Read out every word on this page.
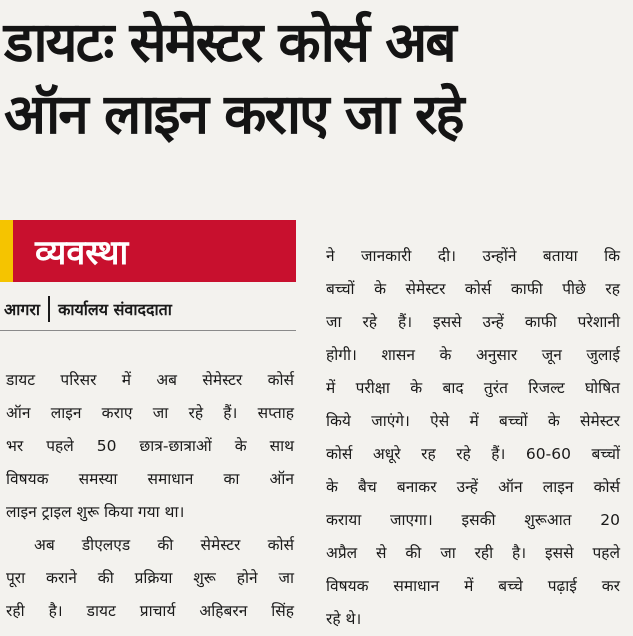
डायटः सेमेस्टर कोर्स अब
ऑन लाइन कराए जा रहे
व्यवस्था
आगरा कार्यालय संवाददाता
डायट परिसर में अब सेमेस्टर कोर्स
ऑन लाइन कराए जा रहे हैं। सप्ताह
भर पहले 50 छात्र-छात्राओं के साथ
विषयक समस्या समाधान का ऑन
लाइन ट्राइल शुरू किया गया था।
अब डीएलएड की सेमेस्टर कोर्स
पूरा कराने की प्रक्रिया शुरू होने जा
रही है। डायट प्राचार्य अहिबरन सिंह
ने जानकारी दी। उन्होंने बताया कि
बच्चों के सेमेस्टर कोर्स काफी पीछे रह
जा रहे हैं। इससे उन्हें काफी परेशानी
होगी। शासन के अनुसार जून जुलाई
में परीक्षा के बाद तुरंत रिजल्ट घोषित
किये जाएंगे। ऐसे में बच्चों के सेमेस्टर
कोर्स अधूरे रह रहे हैं। 60-60 बच्चों
के बैच बनाकर उन्हें ऑन लाइन कोर्स
कराया जाएगा। इसकी शुरूआत 20
अप्रैल से की जा रही है। इससे पहले
विषयक समाधान में बच्चे पढ़ाई कर
रहे थे।
